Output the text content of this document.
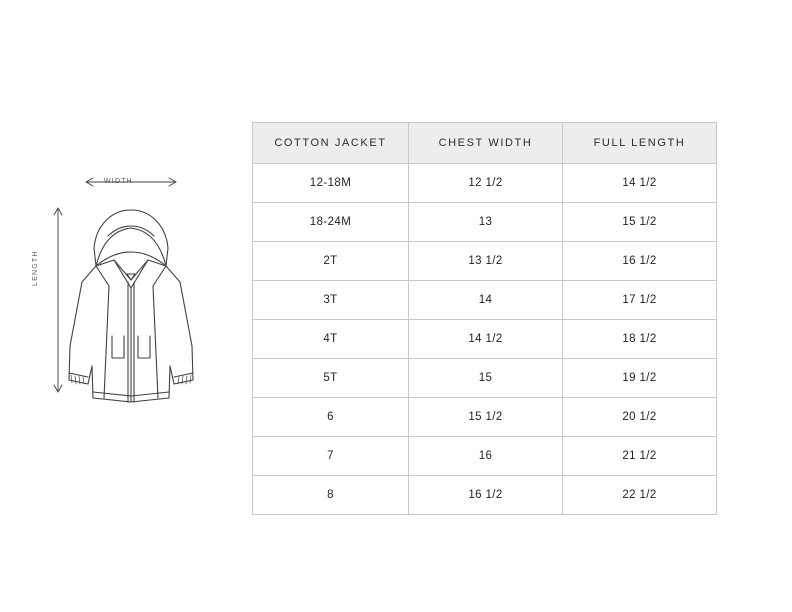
WIDTH
LENGTH
COTTON JACKET	CHEST WIDTH	FULL LENGTH
12-18M	12 1/2	14 1/2
18-24M	13	15 1/2
2T	13 1/2	16 1/2
3T	14	17 1/2
4T	14 1/2	18 1/2
5T	15	19 1/2
6	15 1/2	20 1/2
7	16	21 1/2
8	16 1/2	22 1/2
